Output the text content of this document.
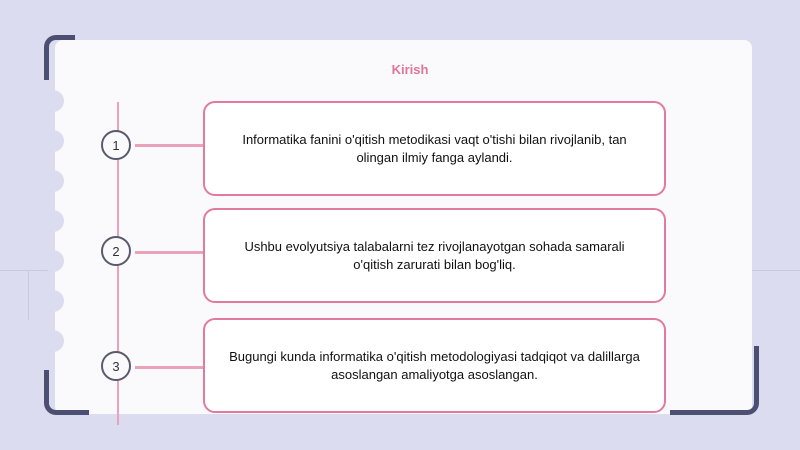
Kirish
1
2
3
Informatika fanini o'qitish metodikasi vaqt o'tishi bilan rivojlanib, tan olingan ilmiy fanga aylandi.
Ushbu evolyutsiya talabalarni tez rivojlanayotgan sohada samarali o'qitish zarurati bilan bog'liq.
Bugungi kunda informatika o'qitish metodologiyasi tadqiqot va dalillarga asoslangan amaliyotga asoslangan.
